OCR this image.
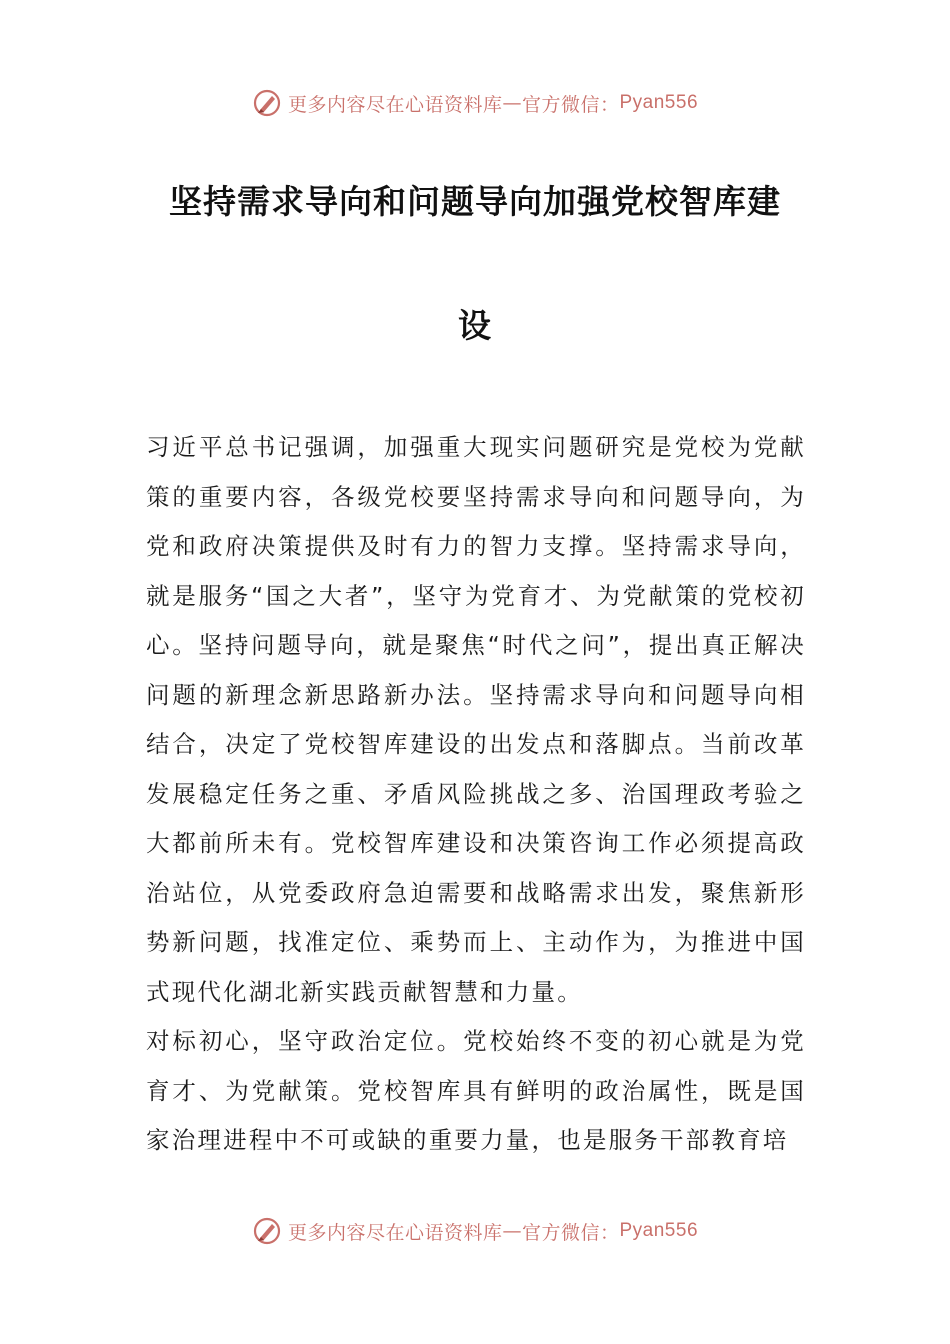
更多内容尽在心语资料库 — 官方微信： Pyan556
坚持需求导向和问题导向加强党校智库建
设

习近平总书记强调，加强重大现实问题研究是党校为党献策的重要内容，各级党校要坚持需求导向和问题导向，为党和政府决策提供及时有力的智力支撑。坚持需求导向，就是服务“国之大者”，坚守为党育才、为党献策的党校初心。坚持问题导向，就是聚焦“时代之问”，提出真正解决问题的新理念新思路新办法。坚持需求导向和问题导向相结合，决定了党校智库建设的出发点和落脚点。当前改革发展稳定任务之重、矛盾风险挑战之多、治国理政考验之大都前所未有。党校智库建设和决策咨询工作必须提高政治站位，从党委政府急迫需要和战略需求出发，聚焦新形势新问题，找准定位、乘势而上、主动作为，为推进中国式现代化湖北新实践贡献智慧和力量。

对标初心，坚守政治定位。党校始终不变的初心就是为党育才、为党献策。党校智库具有鲜明的政治属性，既是国家治理进程中不可或缺的重要力量，也是服务干部教育培

更多内容尽在心语资料库 — 官方微信： Pyan556
